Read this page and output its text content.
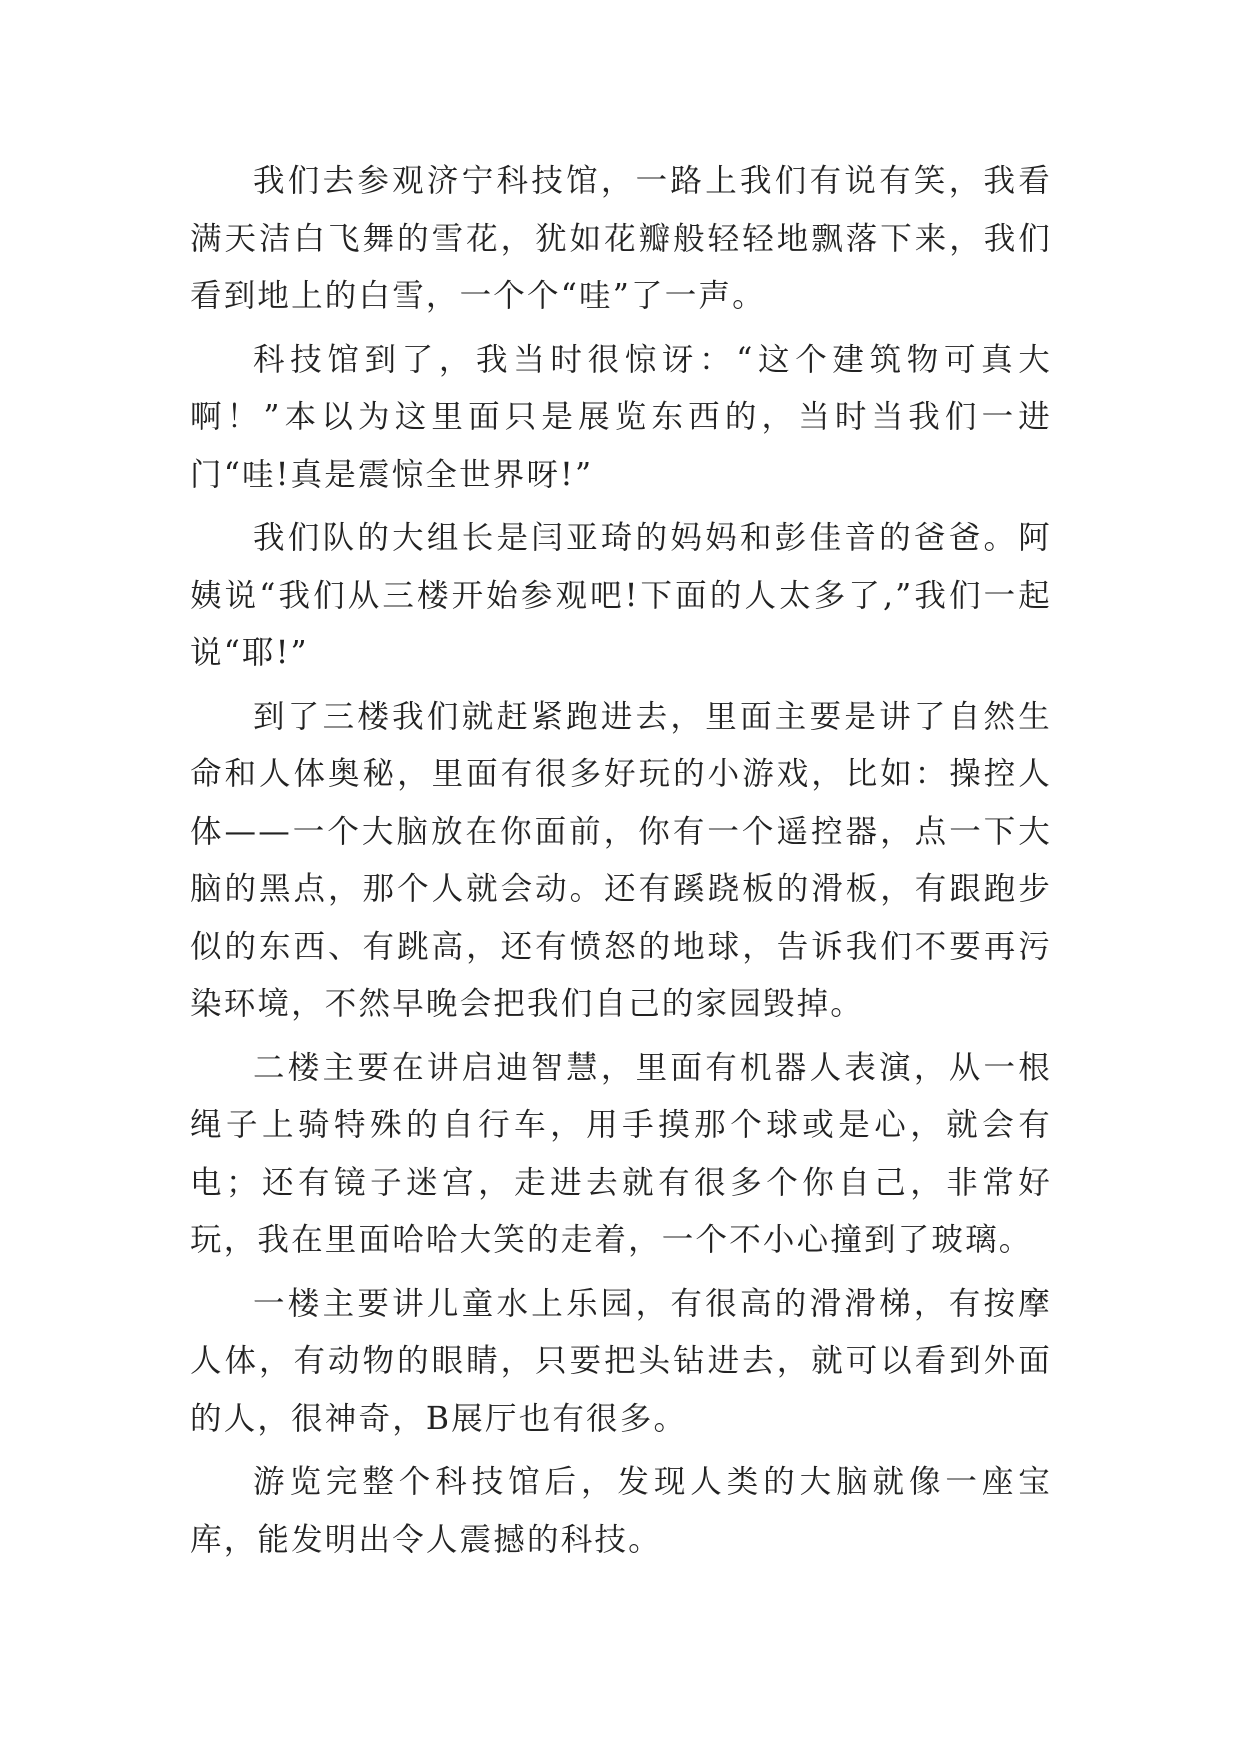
我们去参观济宁科技馆，一路上我们有说有笑，我看满天洁白飞舞的雪花，犹如花瓣般轻轻地飘落下来，我们看到地上的白雪，一个个“哇”了一声。

科技馆到了，我当时很惊讶：“这个建筑物可真大啊！”本以为这里面只是展览东西的，当时当我们一进门“哇!真是震惊全世界呀!”

我们队的大组长是闫亚琦的妈妈和彭佳音的爸爸。阿姨说“我们从三楼开始参观吧!下面的人太多了,”我们一起说“耶!”

到了三楼我们就赶紧跑进去，里面主要是讲了自然生命和人体奥秘，里面有很多好玩的小游戏，比如：操控人体——一个大脑放在你面前，你有一个遥控器，点一下大脑的黑点，那个人就会动。还有蹊跷板的滑板，有跟跑步似的东西、有跳高，还有愤怒的地球，告诉我们不要再污染环境，不然早晚会把我们自己的家园毁掉。

二楼主要在讲启迪智慧，里面有机器人表演，从一根绳子上骑特殊的自行车，用手摸那个球或是心，就会有电；还有镜子迷宫，走进去就有很多个你自己，非常好玩，我在里面哈哈大笑的走着，一个不小心撞到了玻璃。

一楼主要讲儿童水上乐园，有很高的滑滑梯，有按摩人体，有动物的眼睛，只要把头钻进去，就可以看到外面的人，很神奇，B展厅也有很多。

游览完整个科技馆后，发现人类的大脑就像一座宝库，能发明出令人震撼的科技。
